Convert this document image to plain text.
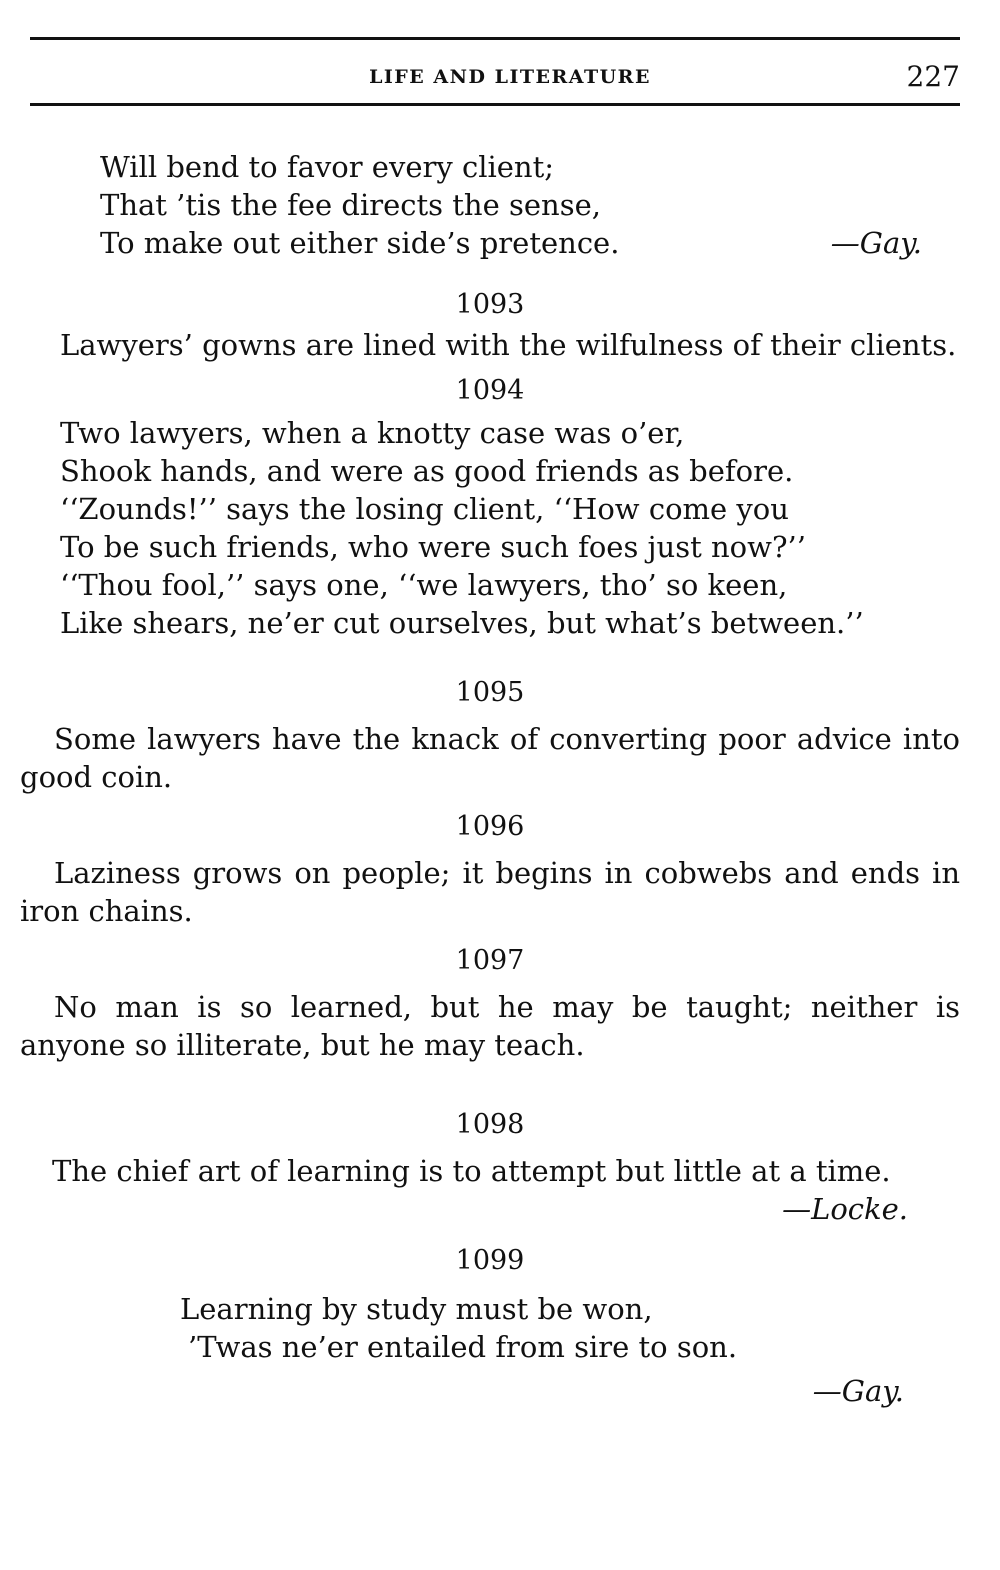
LIFE AND LITERATURE	227
Will bend to favor every client;
That ’tis the fee directs the sense,
To make out either side’s pretence.	—Gay.
1093

Lawyers’ gowns are lined with the wilfulness of their clients.

1094
Two lawyers, when a knotty case was o’er,
Shook hands, and were as good friends as before.
‘‘Zounds!’’ says the losing client, ‘‘How come you
To be such friends, who were such foes just now?’’
‘‘Thou fool,’’ says one, ‘‘we lawyers, tho’ so keen,
Like shears, ne’er cut ourselves, but what’s between.’’
1095

Some lawyers have the knack of converting poor advice into good coin.

1096

Laziness grows on people; it begins in cobwebs and ends in iron chains.

1097

No man is so learned, but he may be taught; neither is anyone so illiterate, but he may teach.

1098

The chief art of learning is to attempt but little at a time.

—Locke.
1099
Learning by study must be won,
’Twas ne’er entailed from sire to son.
—Gay.
